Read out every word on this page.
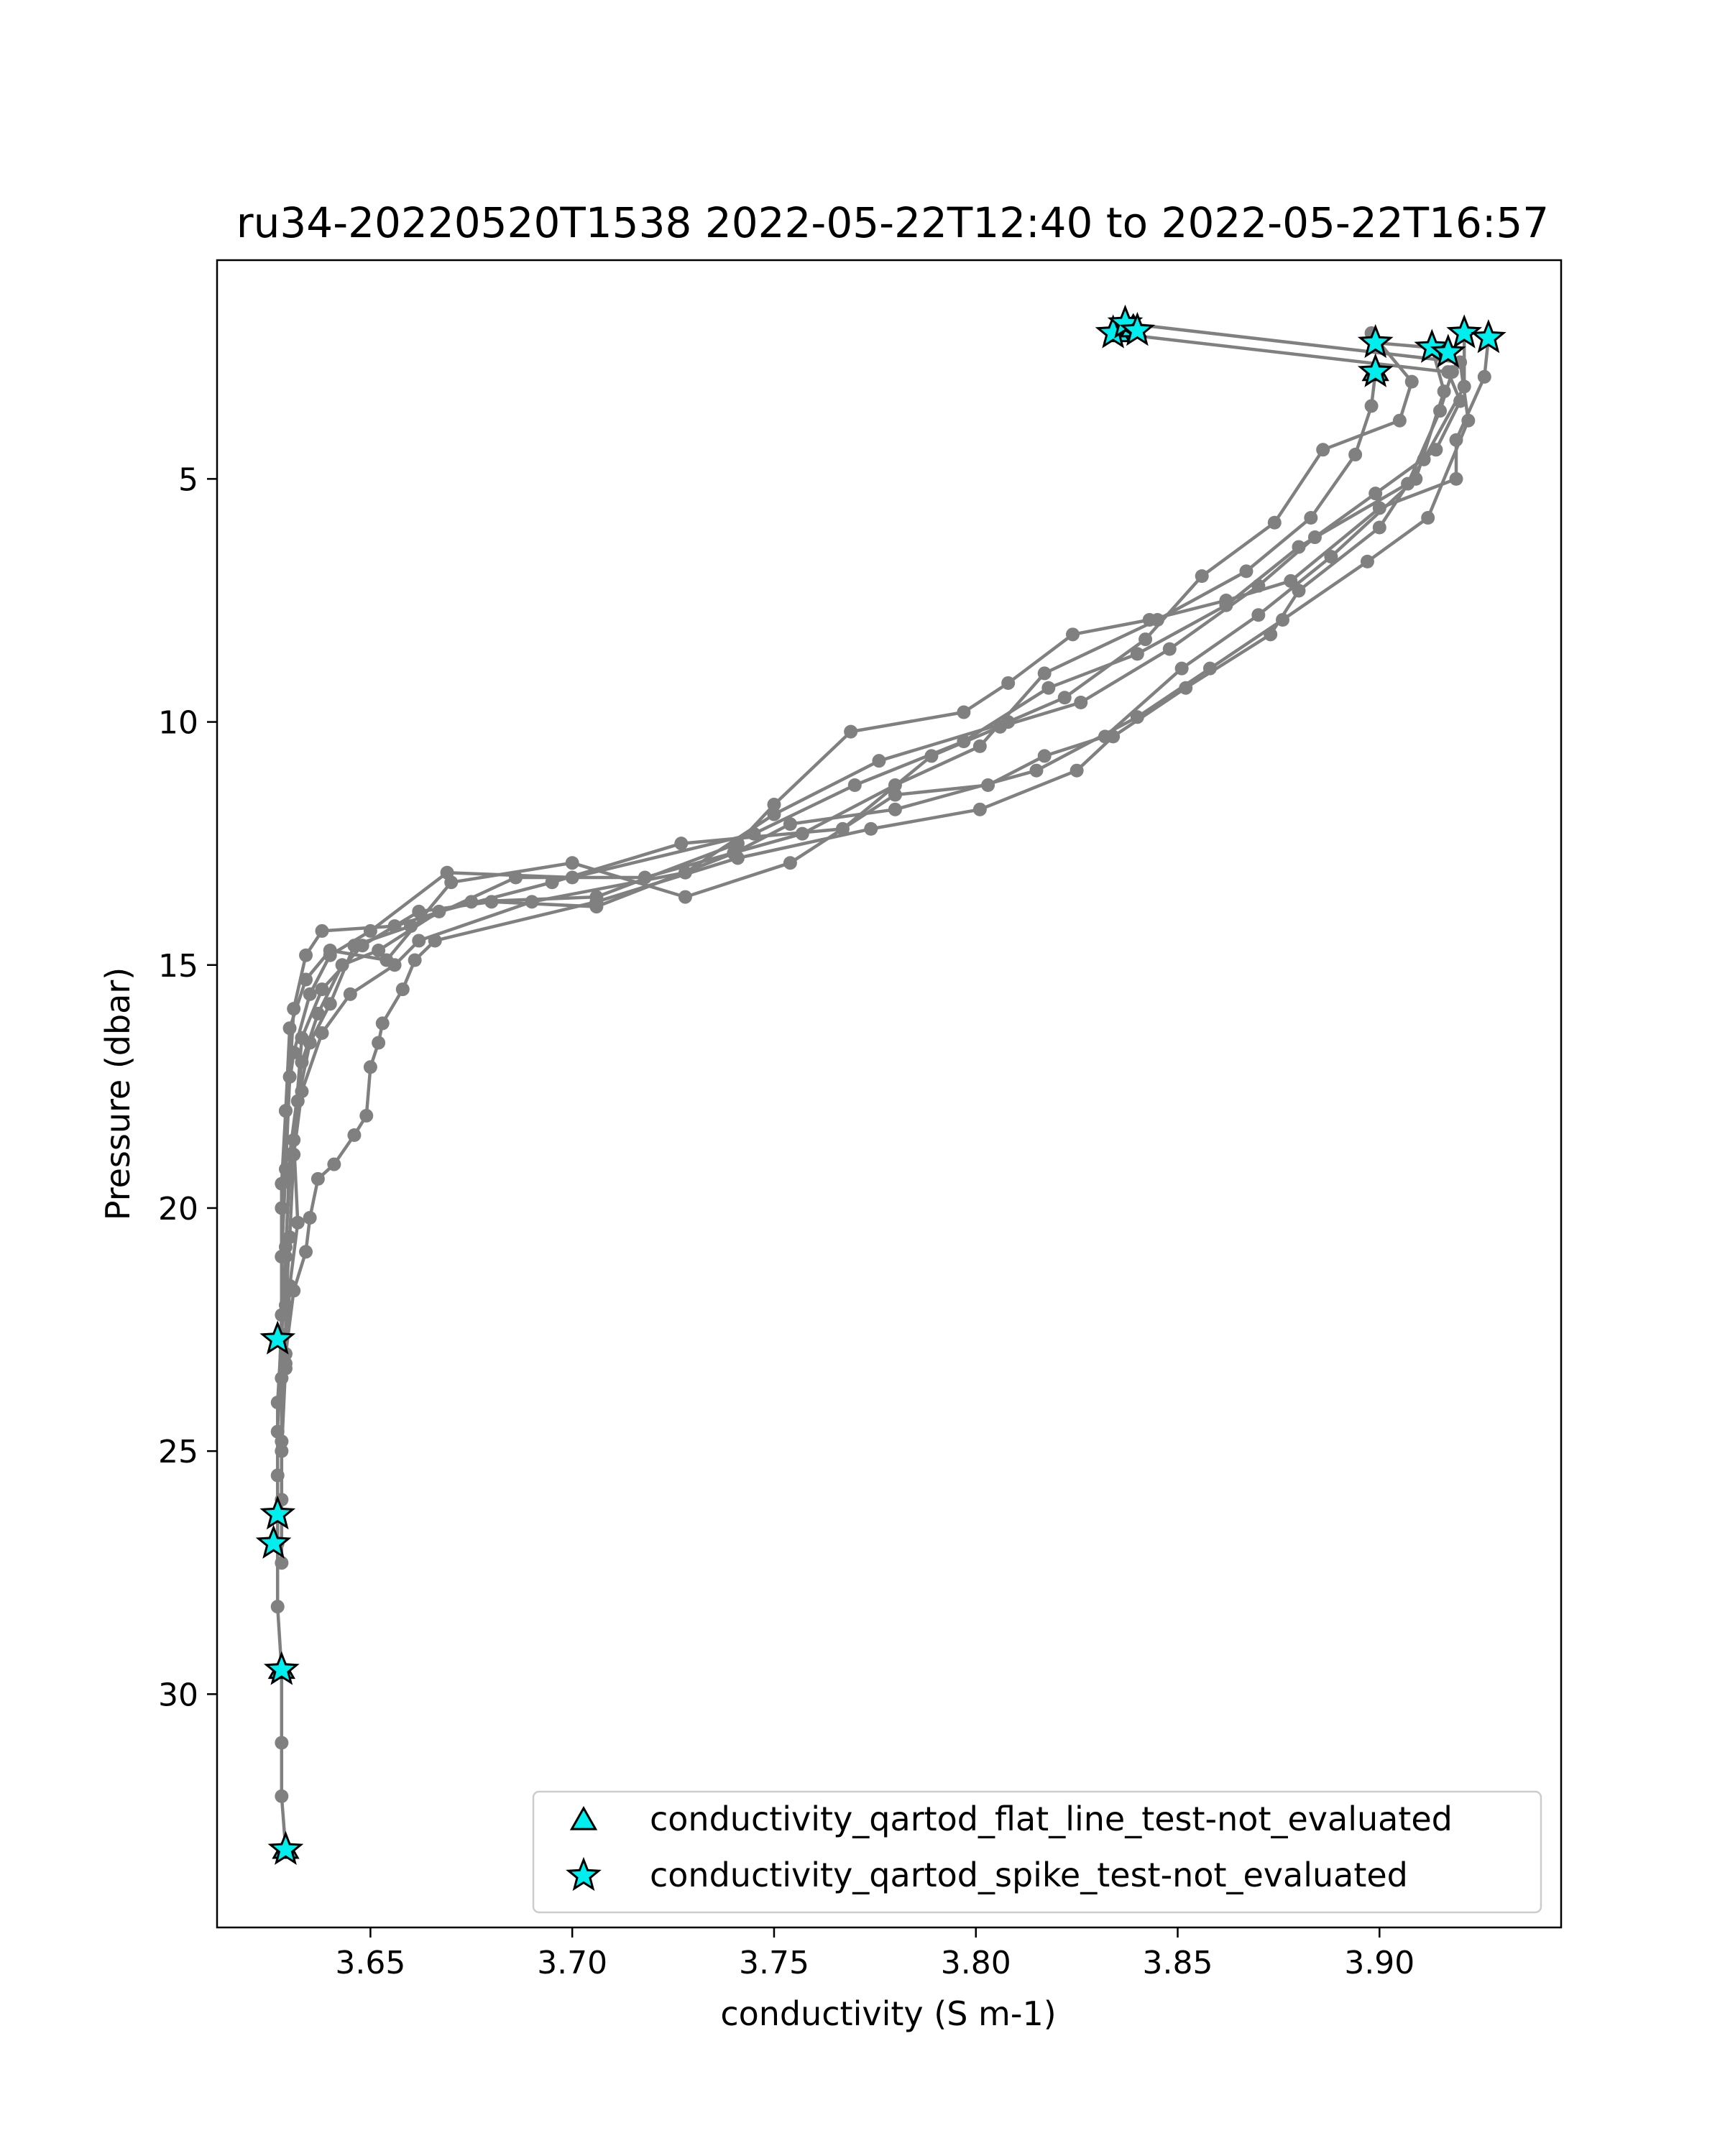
ru34-20220520T1538 2022-05-22T12:40 to 2022-05-22T16:57
3.65	3.70	3.75	3.80	3.85	3.90
5
10
15
20
25
30
conductivity (S m-1)
Pressure (dbar)
conductivity_qartod_flat_line_test-not_evaluated
conductivity_qartod_spike_test-not_evaluated
